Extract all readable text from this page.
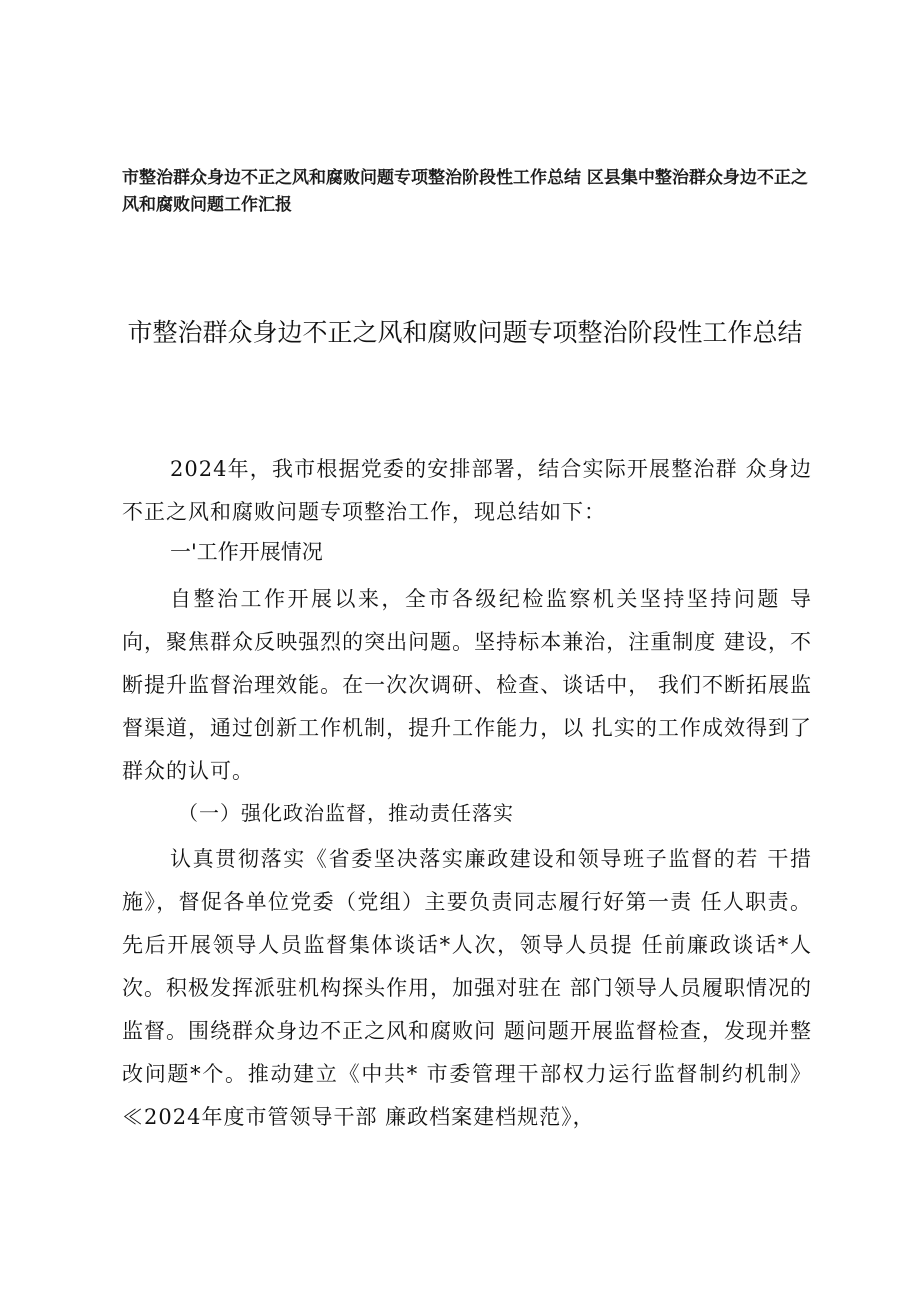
市整治群众身边不正之风和腐败问题专项整治阶段性工作总结 区县集中整治群众身边不正之风和腐败问题工作汇报
市整治群众身边不正之风和腐败问题专项整治阶段性工作总结
2024年，我市根据党委的安排部署，结合实际开展整治群 众身边不正之风和腐败问题专项整治工作，现总结如下：
一'工作开展情况
自整治工作开展以来，全市各级纪检监察机关坚持坚持问题 导向，聚焦群众反映强烈的突出问题。坚持标本兼治，注重制度 建设，不断提升监督治理效能。在一次次调研、检查、谈话中， 我们不断拓展监督渠道，通过创新工作机制，提升工作能力，以 扎实的工作成效得到了群众的认可。
（一）强化政治监督，推动责任落实
认真贯彻落实《省委坚决落实廉政建设和领导班子监督的若 干措施》，督促各单位党委（党组）主要负责同志履行好第一责 任人职责。先后开展领导人员监督集体谈话*人次，领导人员提 任前廉政谈话*人次。积极发挥派驻机构探头作用，加强对驻在 部门领导人员履职情况的监督。围绕群众身边不正之风和腐败问 题问题开展监督检查，发现并整改问题*个。推动建立《中共* 市委管理干部权力运行监督制约机制》≪2024年度市管领导干部 廉政档案建档规范》，
